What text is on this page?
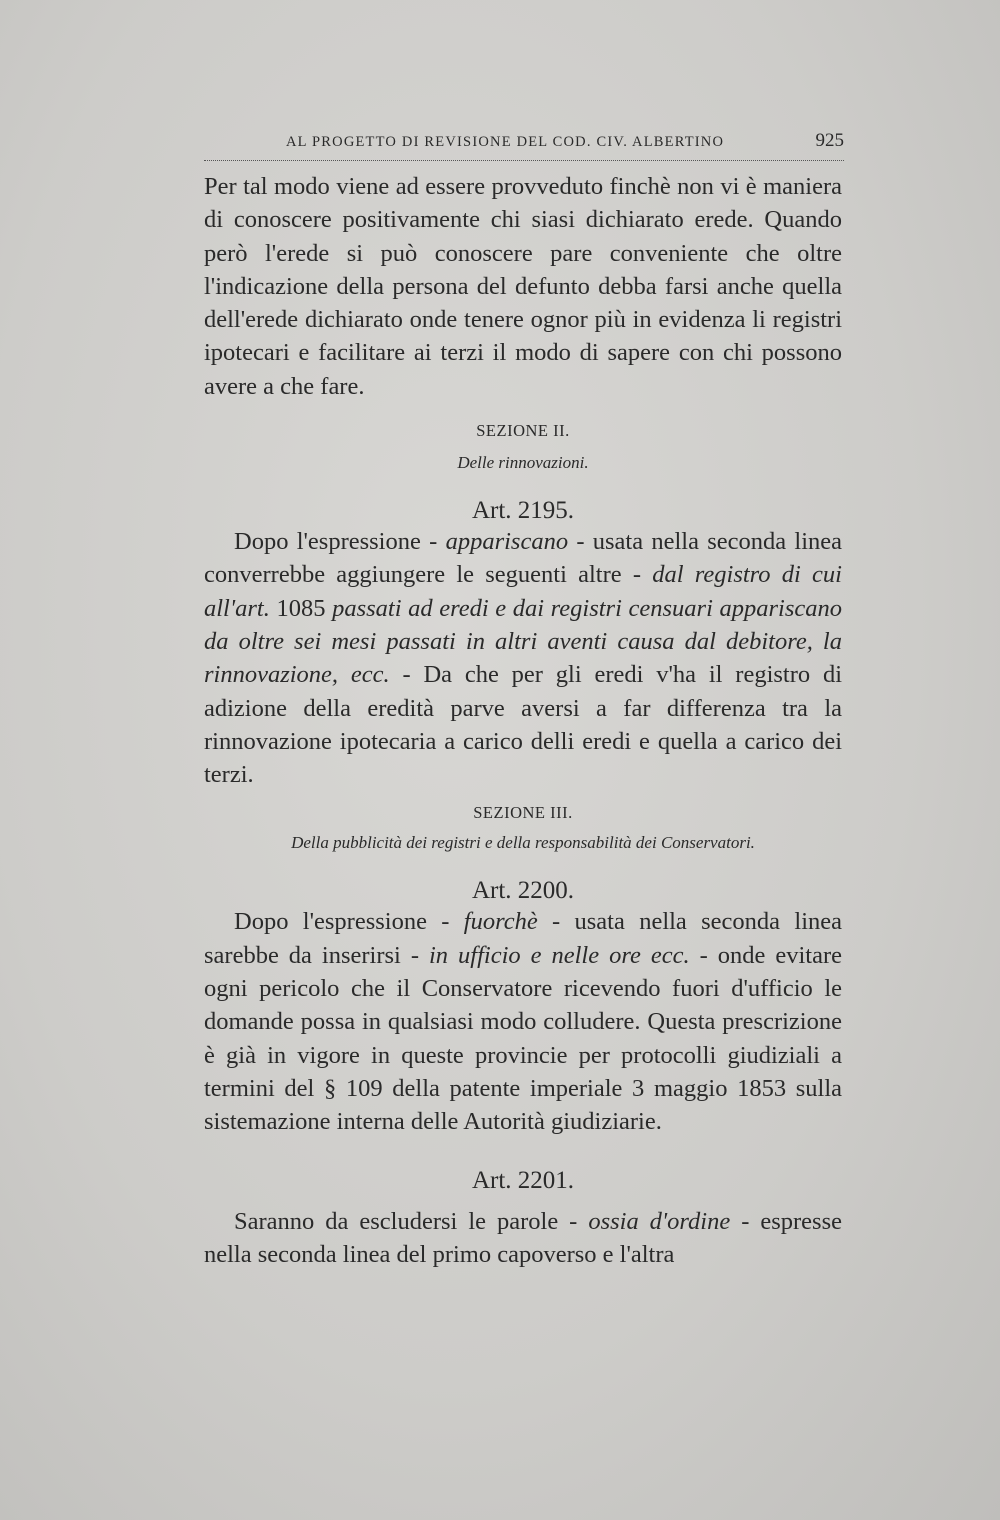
AL PROGETTO DI REVISIONE DEL COD. CIV. ALBERTINO	925

Per tal modo viene ad essere provveduto finchè non vi è maniera di conoscere positivamente chi siasi dichiarato erede. Quando però l'erede si può conoscere pare conveniente che oltre l'indicazione della persona del defunto debba farsi anche quella dell'erede dichiarato onde tenere ognor più in evidenza li registri ipotecari e facilitare ai terzi il modo di sapere con chi possono avere a che fare.

SEZIONE II.

Delle rinnovazioni.

Art. 2195.

Dopo l'espressione - appariscano - usata nella seconda linea converrebbe aggiungere le seguenti altre - dal registro di cui all'art. 1085 passati ad eredi e dai registri censuari appariscano da oltre sei mesi passati in altri aventi causa dal debitore, la rinnovazione, ecc. - Da che per gli eredi v'ha il registro di adizione della eredità parve aversi a far differenza tra la rinnovazione ipotecaria a carico delli eredi e quella a carico dei terzi.

SEZIONE III.

Della pubblicità dei registri e della responsabilità dei Conservatori.

Art. 2200.

Dopo l'espressione - fuorchè - usata nella seconda linea sarebbe da inserirsi - in ufficio e nelle ore ecc. - onde evitare ogni pericolo che il Conservatore ricevendo fuori d'ufficio le domande possa in qualsiasi modo colludere. Questa prescrizione è già in vigore in queste provincie per protocolli giudiziali a termini del § 109 della patente imperiale 3 maggio 1853 sulla sistemazione interna delle Autorità giudiziarie.

Art. 2201.

Saranno da escludersi le parole - ossia d'ordine - espresse nella seconda linea del primo capoverso e l'altra
